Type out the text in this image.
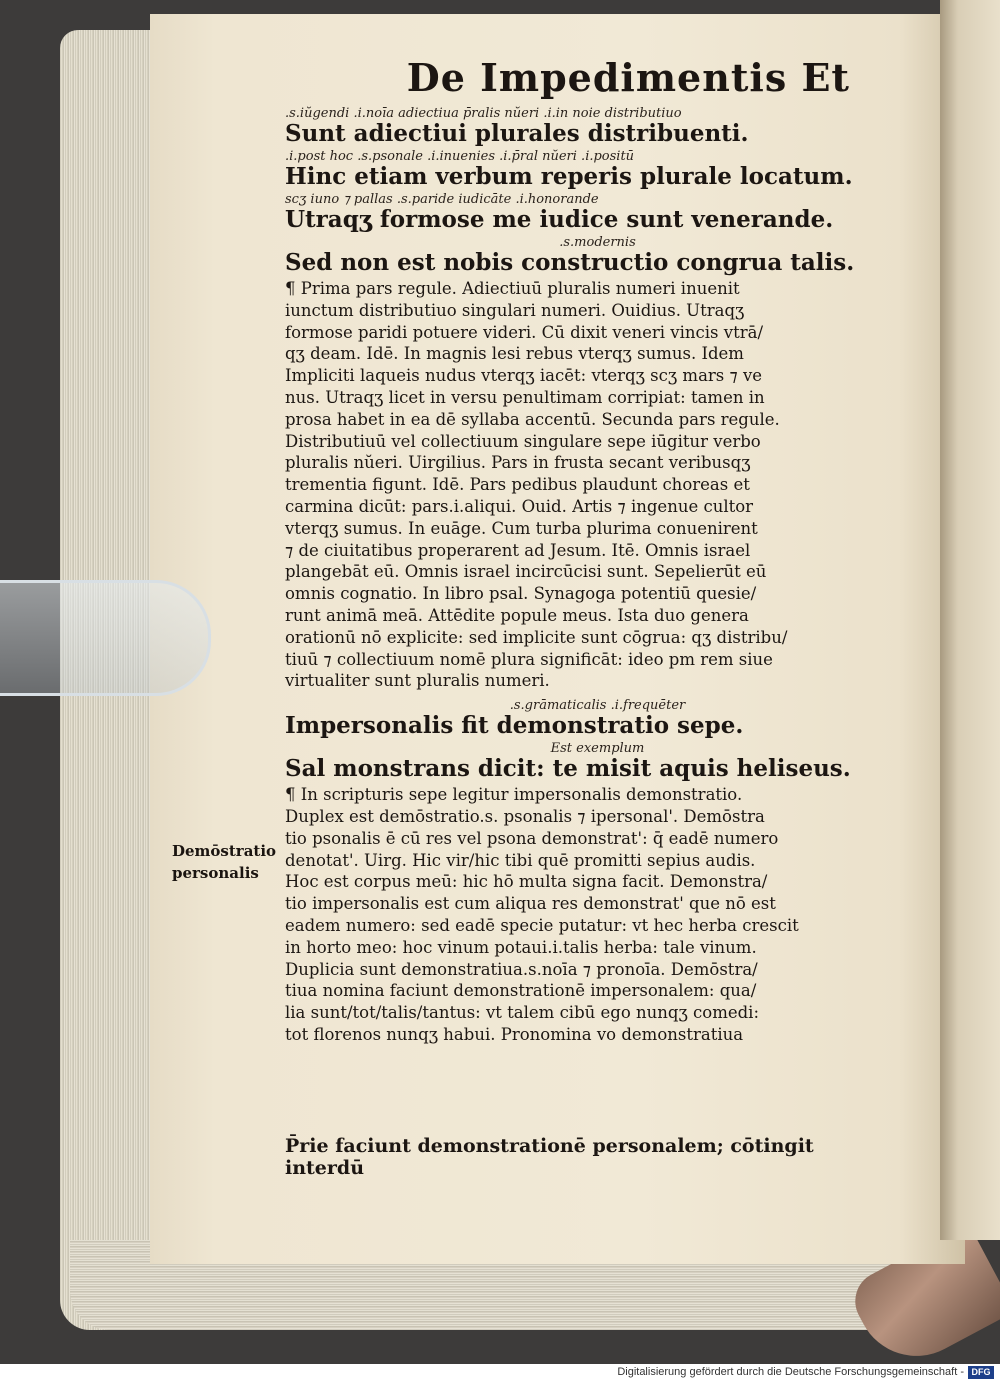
De Impedimentis Et

.s.iŭgendi .i.noīa adiectiua p̄ralis nŭeri .i.in noie distributiuo

Sunt adiectiui plurales distribuenti.

.i.post hoc .s.psonale .i.inuenies .i.p̄ral nŭeri .i.positū

Hinc etiam verbum reperis plurale locatum.

scʒ iuno ⁊ pallas .s.paride iudicāte .i.honorande

Utraqʒ formose me iudice sunt venerande.

.s.modernis

Sed non est nobis constructio congrua talis.

¶ Prima pars regule. Adiectiuū pluralis numeri inuenit
iunctum distributiuo singulari numeri. Ouidius. Utraqʒ
formose paridi potuere videri. Cū dixit veneri vincis vtrā/
qʒ deam. Idē. In magnis lesi rebus vterqʒ sumus. Idem
Impliciti laqueis nudus vterqʒ iacēt: vterqʒ scʒ mars ⁊ ve
nus. Utraqʒ licet in versu penultimam corripiat: tamen in
prosa habet in ea dē syllaba accentū. Secunda pars regule.
Distributiuū vel collectiuum singulare sepe iūgitur verbo
pluralis nŭeri. Uirgilius. Pars in frusta secant veribusqʒ
trementia figunt. Idē. Pars pedibus plaudunt choreas et
carmina dicūt: pars.i.aliqui. Ouid. Artis ⁊ ingenue cultor
vterqʒ sumus. In euāge. Cum turba plurima conuenirent
⁊ de ciuitatibus properarent ad Jesum. Itē. Omnis israel
plangebāt eū. Omnis israel incircūcisi sunt. Sepelierūt eū
omnis cognatio. In libro psal. Synagoga potentiū quesie/
runt animā meā. Attēdite popule meus. Ista duo genera
orationū nō explicite: sed implicite sunt cōgrua: qʒ distribu/
tiuū ⁊ collectiuum nomē plura significāt: ideo pm rem siue
virtualiter sunt pluralis numeri.

.s.grāmaticalis .i.frequēter

Impersonalis fit demonstratio sepe.

Est exemplum

Sal monstrans dicit: te misit aquis heliseus.

¶ In scripturis sepe legitur impersonalis demonstratio.
Duplex est demōstratio.s. psonalis ⁊ ipersonal'. Demōstra
tio psonalis ē cū res vel psona demonstrat': q̄ eadē numero
denotat'. Uirg. Hic vir/hic tibi quē promitti sepius audis.
Hoc est corpus meū: hic hō multa signa facit. Demonstra/
tio impersonalis est cum aliqua res demonstrat' que nō est
eadem numero: sed eadē specie putatur: vt hec herba crescit
in horto meo: hoc vinum potaui.i.talis herba: tale vinum.
Duplicia sunt demonstratiua.s.noīa ⁊ pronoīa. Demōstra/
tiua nomina faciunt demonstrationē impersonalem: qua/
lia sunt/tot/talis/tantus: vt talem cibū ego nunqʒ comedi:
tot florenos nunqʒ habui. Pronomina vo demonstratiua
P̄rie faciunt demonstrationē personalem; cōtingit interdū
Demōstratio personalis
Digitalisierung gefördert durch die Deutsche Forschungsgemeinschaft - DFG
